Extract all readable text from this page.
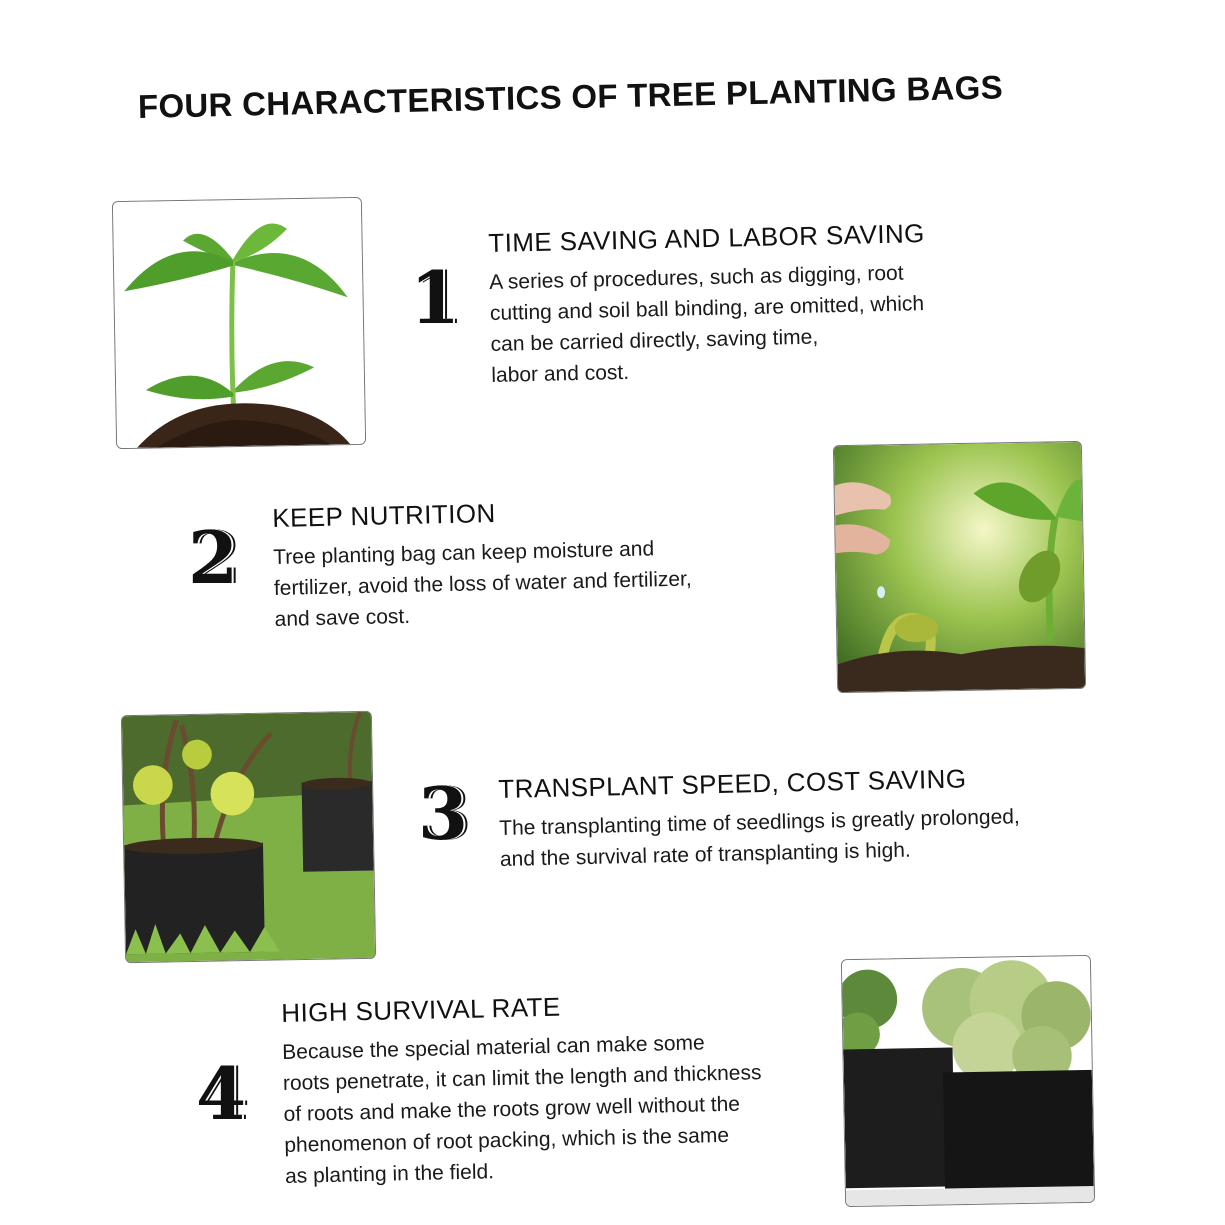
FOUR CHARACTERISTICS OF TREE PLANTING BAGS
1
TIME SAVING AND LABOR SAVING
A series of procedures, such as digging, root
cutting and soil ball binding, are omitted, which
can be carried directly, saving time,
labor and cost.
2 KEEP NUTRITION
Tree planting bag can keep moisture and
fertilizer, avoid the loss of water and fertilizer,
and save cost.
3 TRANSPLANT SPEED, COST SAVING
The transplanting time of seedlings is greatly prolonged,
and the survival rate of transplanting is high.
4
HIGH SURVIVAL RATE
Because the special material can make some
roots penetrate, it can limit the length and thickness
of roots and make the roots grow well without the
phenomenon of root packing, which is the same
as planting in the field.
